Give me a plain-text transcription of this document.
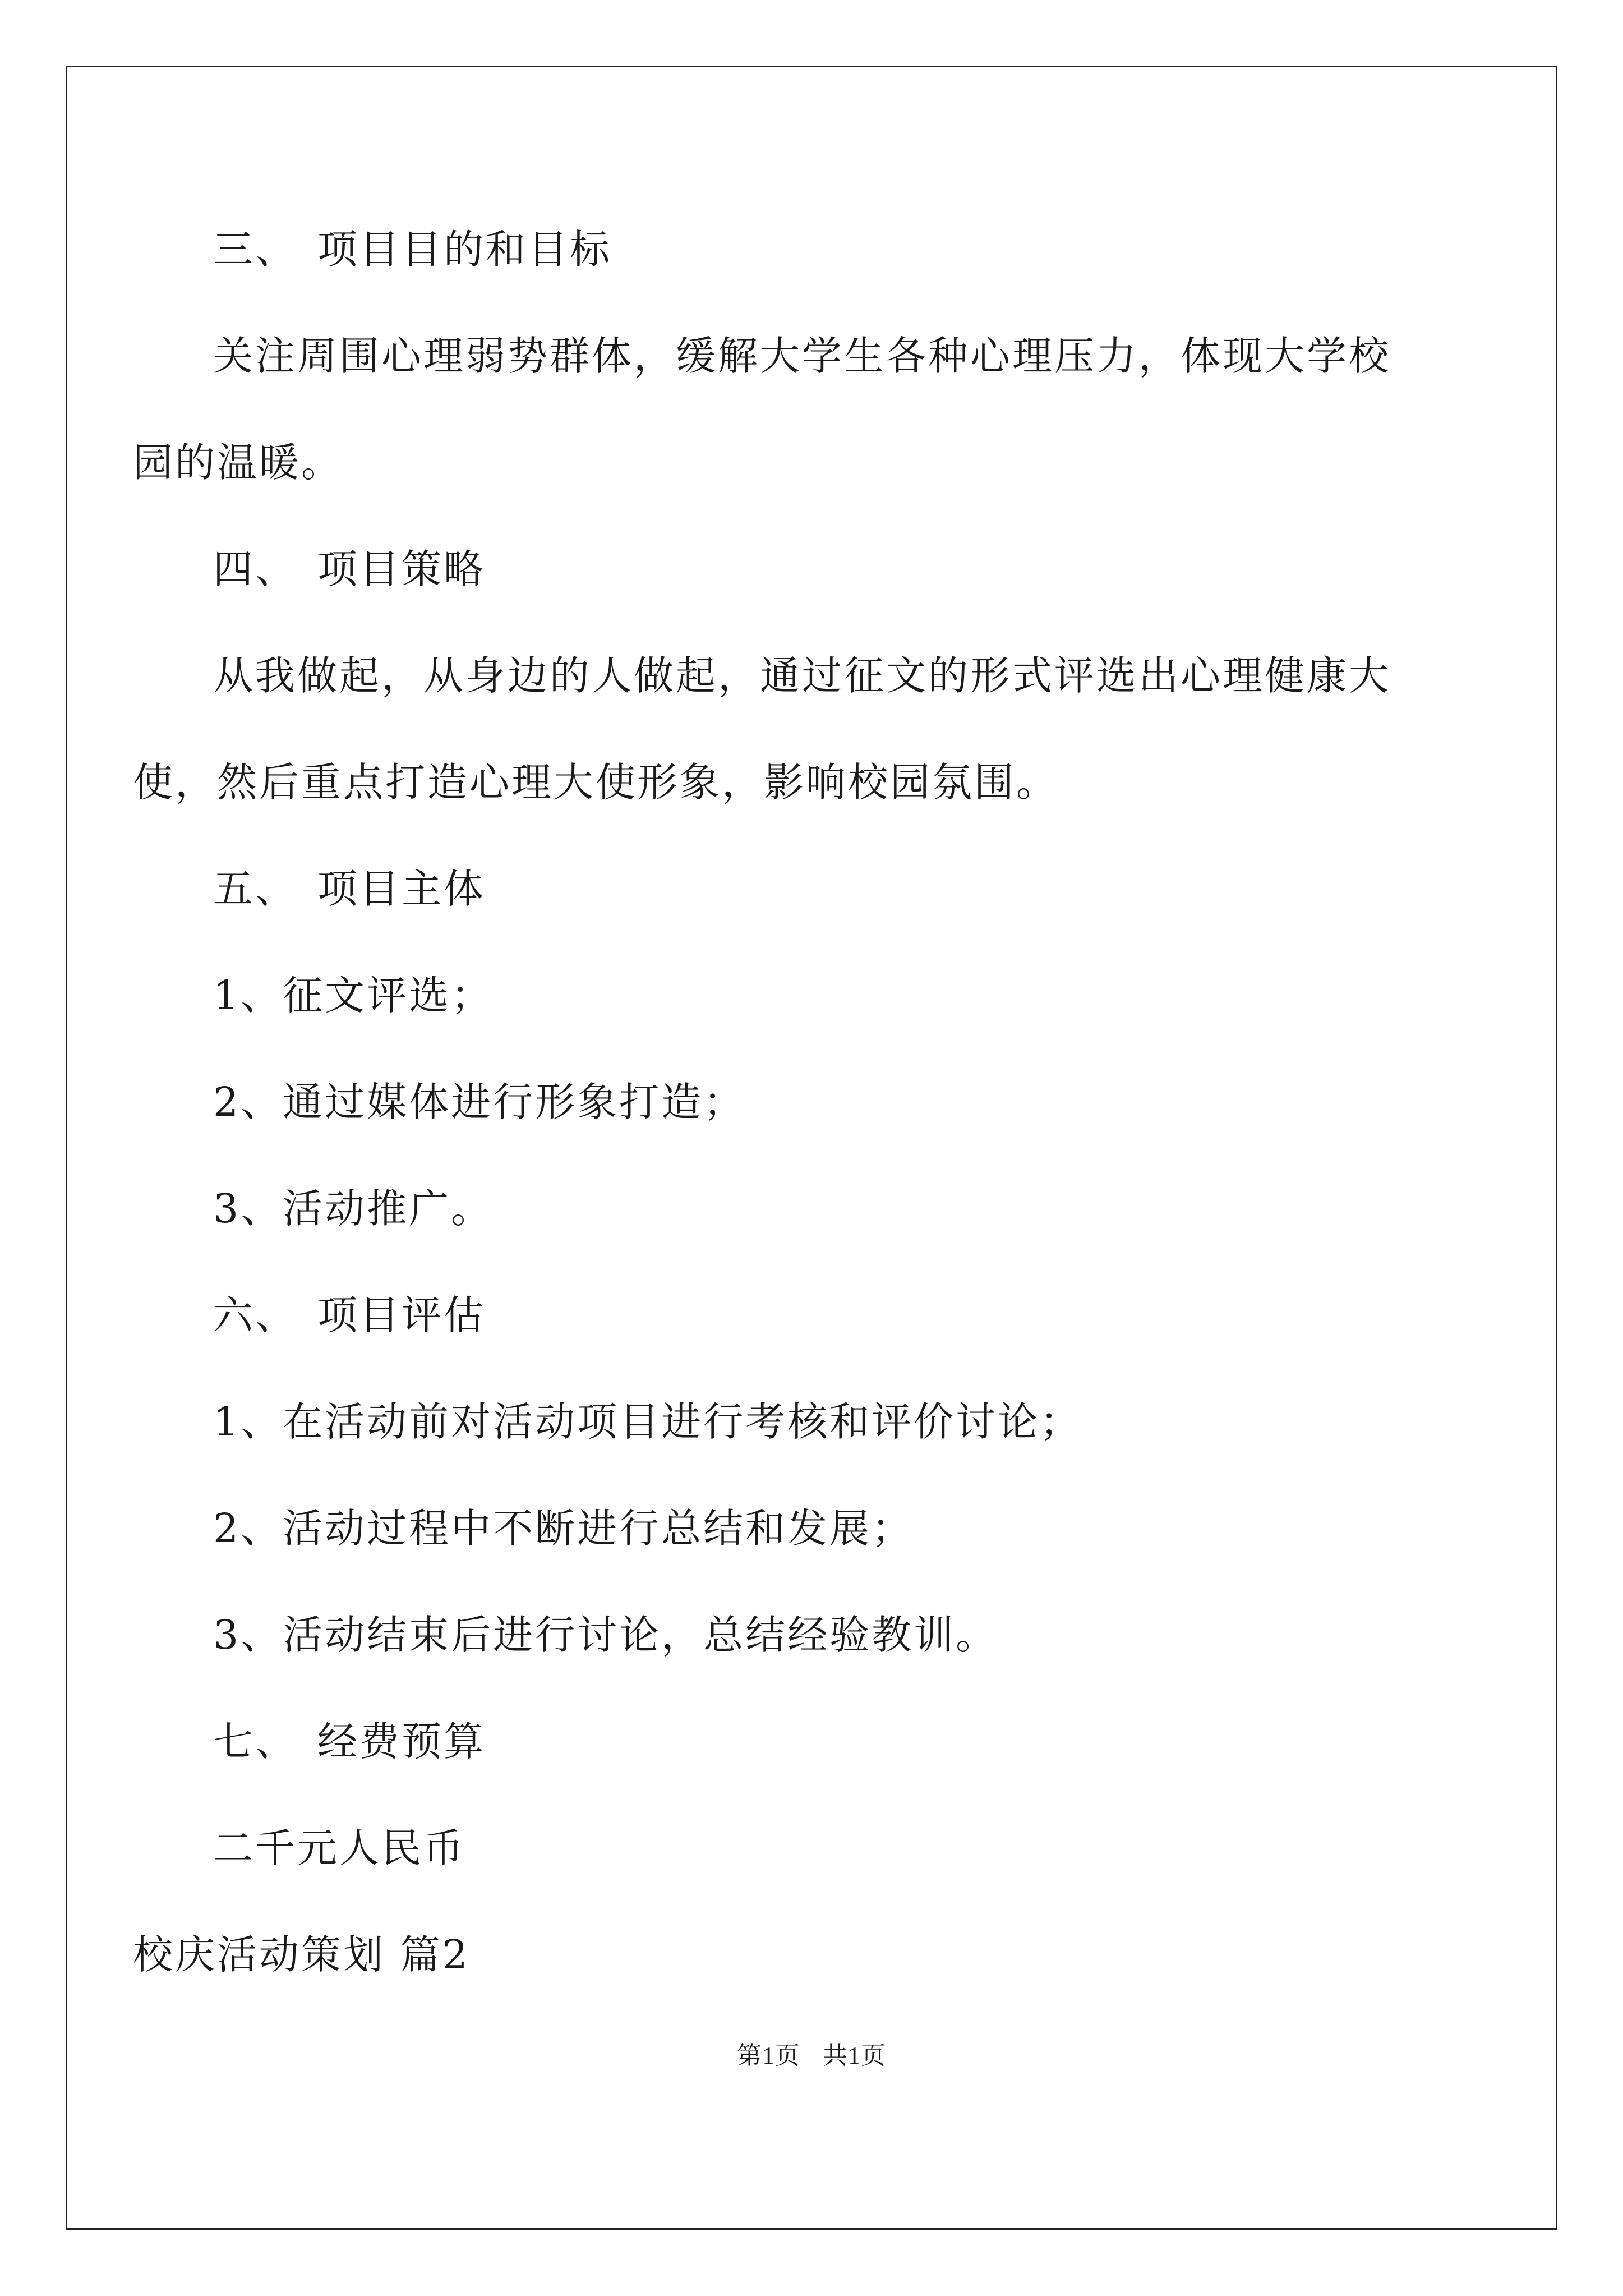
三、 项目目的和目标
关注周围心理弱势群体，缓解大学生各种心理压力，体现大学校
园的温暖。
四、 项目策略
从我做起，从身边的人做起，通过征文的形式评选出心理健康大
使，然后重点打造心理大使形象，影响校园氛围。
五、 项目主体
1、征文评选；
2、通过媒体进行形象打造；
3、活动推广。
六、 项目评估
1、在活动前对活动项目进行考核和评价讨论；
2、活动过程中不断进行总结和发展；
3、活动结束后进行讨论，总结经验教训。
七、 经费预算
二千元人民币
校庆活动策划 篇2
第1页 共1页
